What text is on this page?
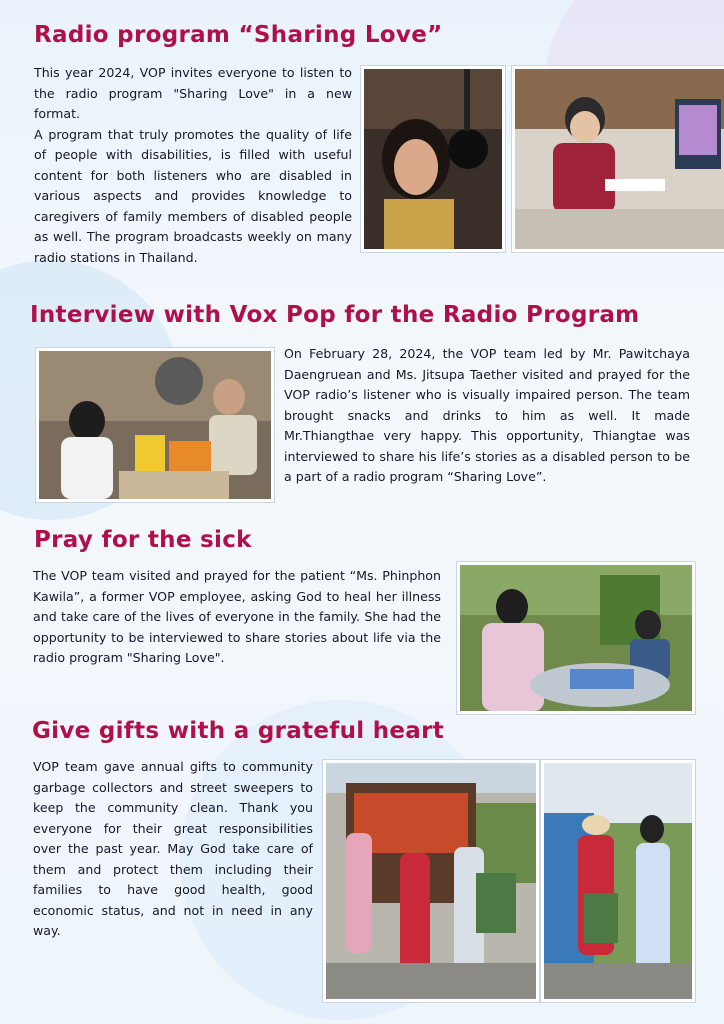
Radio program “Sharing Love”
This year 2024, VOP invites everyone to listen to the radio program "Sharing Love" in a new format.
A program that truly promotes the quality of life of people with disabilities, is filled with useful content for both listeners who are disabled in various aspects and provides knowledge to caregivers of family members of disabled people as well. The program broadcasts weekly on many radio stations in Thailand.
Interview with Vox Pop for the Radio Program
On February 28, 2024, the VOP team led by Mr. Pawitchaya Daengruean and Ms. Jitsupa Taether visited and prayed for the VOP radio’s listener who is visually impaired person. The team brought snacks and drinks to him as well. It made Mr.Thiangthae very happy. This opportunity, Thiangtae was interviewed to share his life’s stories as a disabled person to be a part of a radio program “Sharing Love”.
Pray for the sick
The VOP team visited and prayed for the patient “Ms. Phinphon Kawila”, a former VOP employee, asking God to heal her illness and take care of the lives of everyone in the family. She had the opportunity to be interviewed to share stories about life via the radio program "Sharing Love".
Give gifts with a grateful heart
VOP team gave annual gifts to community garbage collectors and street sweepers to keep the community clean. Thank you everyone for their great responsibilities over the past year. May God take care of them and protect them including their families to have good health, good economic status, and not in need in any way.
